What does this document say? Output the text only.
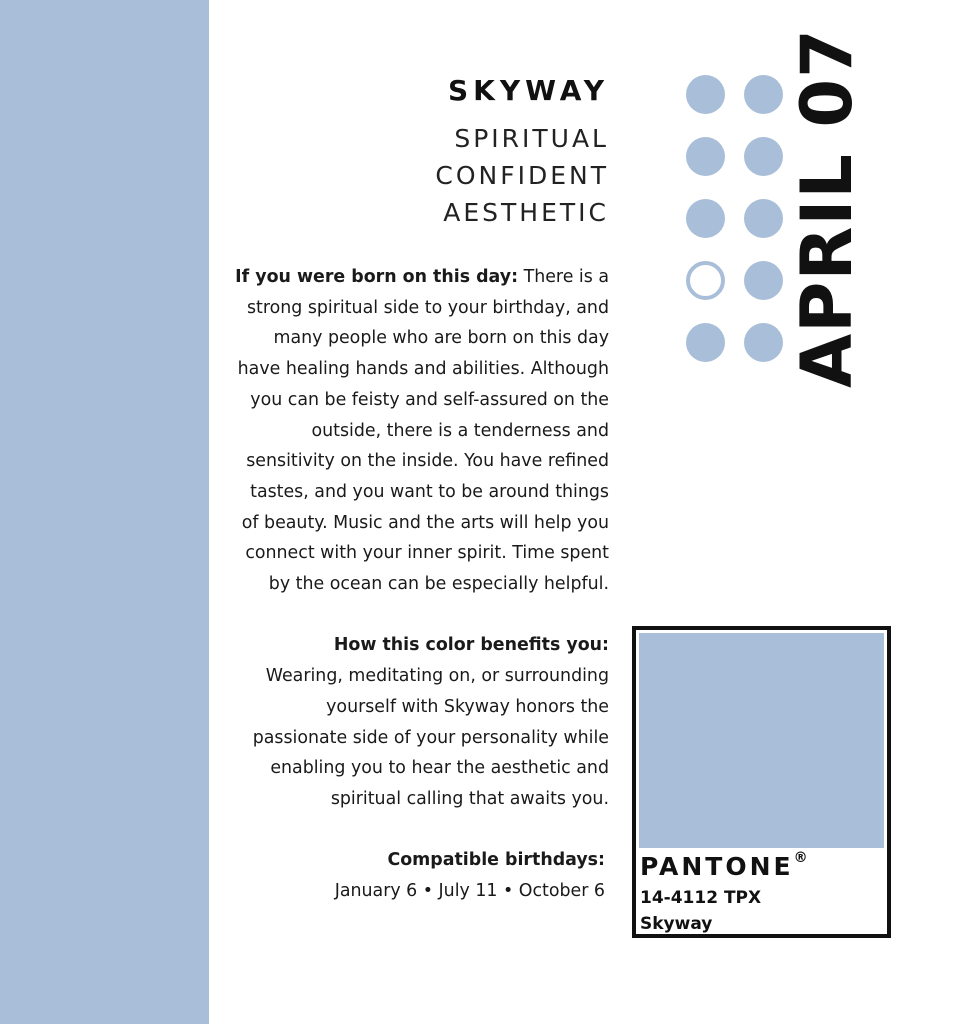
SKYWAY
SPIRITUAL
CONFIDENT
AESTHETIC

If you were born on this day: There is a strong spiritual side to your birthday, and many people who are born on this day have healing hands and abilities. Although you can be feisty and self-assured on the outside, there is a tenderness and sensitivity on the inside. You have refined tastes, and you want to be around things of beauty. Music and the arts will help you connect with your inner spirit. Time spent by the ocean can be especially helpful.

How this color benefits you:

Wearing, meditating on, or surrounding yourself with Skyway honors the passionate side of your personality while enabling you to hear the aesthetic and spiritual calling that awaits you.

Compatible birthdays:

January 6 • July 11 • October 6

APRIL 07
PANTONE®
14-4112 TPX
Skyway
